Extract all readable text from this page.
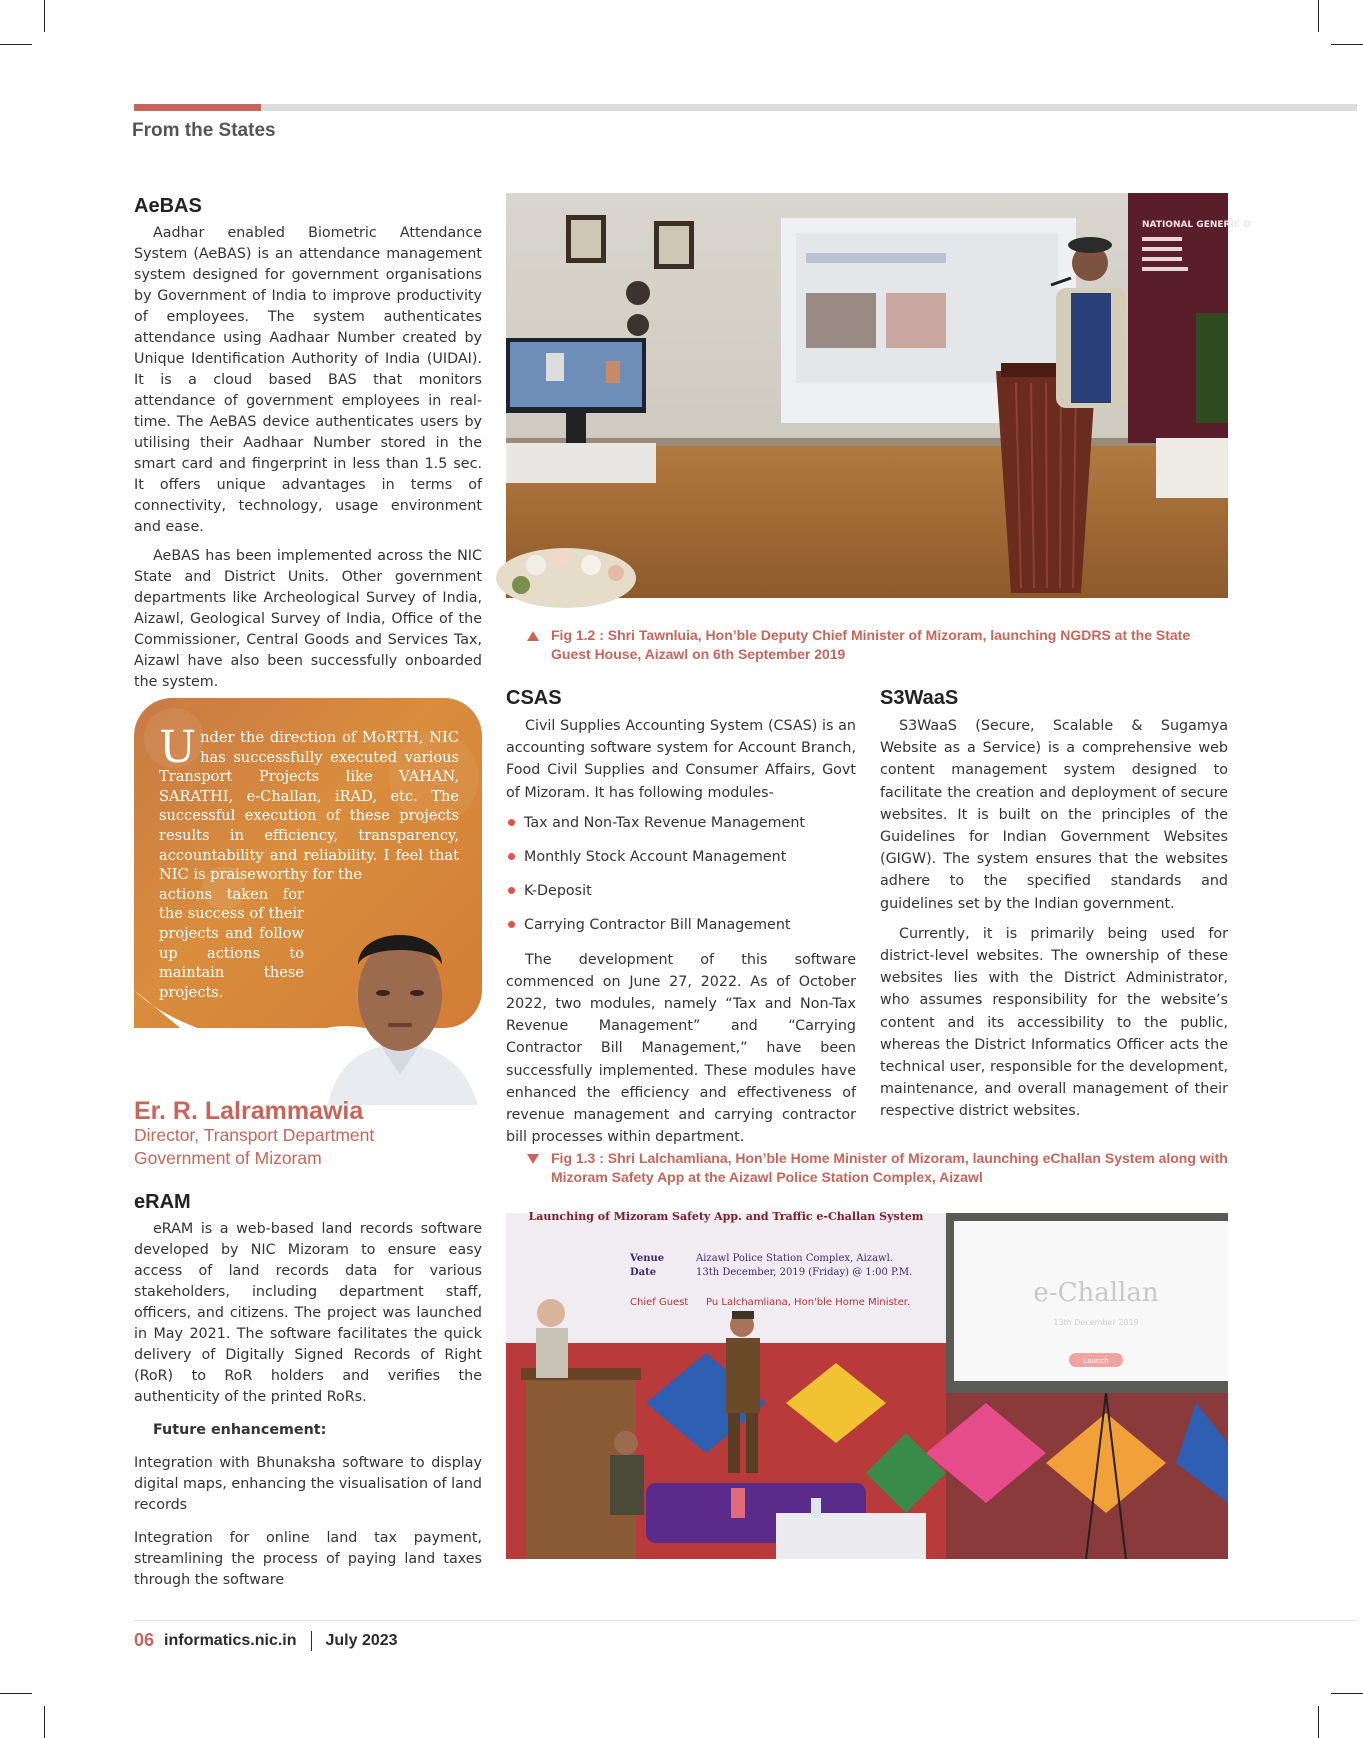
From the States
AeBAS

Aadhar enabled Biometric Attendance System (AeBAS) is an attendance management system designed for government organisations by Government of India to improve productivity of employees. The system authenticates attendance using Aadhaar Number created by Unique Identification Authority of India (UIDAI). It is a cloud based BAS that monitors attendance of government employees in real-time. The AeBAS device authenticates users by utilising their Aadhaar Number stored in the smart card and fingerprint in less than 1.5 sec. It offers unique advantages in terms of connectivity, technology, usage environment and ease.

AeBAS has been implemented across the NIC State and District Units. Other government departments like Archeological Survey of India, Aizawl, Geological Survey of India, Office of the Commissioner, Central Goods and Services Tax, Aizawl have also been successfully onboarded the system.

NATIONAL GENERIC D
Fig 1.2 : Shri Tawnluia, Hon’ble Deputy Chief Minister of Mizoram, launching NGDRS at the State Guest House, Aizawl on 6th September 2019
Under the direction of MoRTH, NIC has successfully executed various Transport Projects like VAHAN, SARATHI, e-Challan, iRAD, etc. The successful execution of these projects results in efficiency, transparency, accountability and reliability. I feel that NIC is praiseworthy for the
actions taken for the success of their projects and follow up actions to maintain these projects.
Er. R. Lalrammawia
Director, Transport Department
Government of Mizoram
CSAS

Civil Supplies Accounting System (CSAS) is an accounting software system for Account Branch, Food Civil Supplies and Consumer Affairs, Govt of Mizoram. It has following modules-

Tax and Non-Tax Revenue Management
Monthly Stock Account Management
K-Deposit
Carrying Contractor Bill Management

The development of this software commenced on June 27, 2022. As of October 2022, two modules, namely “Tax and Non-Tax Revenue Management” and “Carrying Contractor Bill Management,” have been successfully implemented. These modules have enhanced the efficiency and effectiveness of revenue management and carrying contractor bill processes within department.

S3WaaS

S3WaaS (Secure, Scalable & Sugamya Website as a Service) is a comprehensive web content management system designed to facilitate the creation and deployment of secure websites. It is built on the principles of the Guidelines for Indian Government Websites (GIGW). The system ensures that the websites adhere to the specified standards and guidelines set by the Indian government.

Currently, it is primarily being used for district-level websites. The ownership of these websites lies with the District Administrator, who assumes responsibility for the website’s content and its accessibility to the public, whereas the District Informatics Officer acts the technical user, responsible for the development, maintenance, and overall management of their respective district websites.

Fig 1.3 : Shri Lalchamliana, Hon’ble Home Minister of Mizoram, launching eChallan System along with Mizoram Safety App at the Aizawl Police Station Complex, Aizawl
Launching of Mizoram Safety App. and Traffic e-Challan System
Venue	Aizawl Police Station Complex, Aizawl.
Date	13th December, 2019 (Friday) @ 1:00 P.M.
Chief Guest Pu Lalchamliana, Hon'ble Home Minister.	e-Challan
13th December 2019
Launch
eRAM

eRAM is a web-based land records software developed by NIC Mizoram to ensure easy access of land records data for various stakeholders, including department staff, officers, and citizens. The project was launched in May 2021. The software facilitates the quick delivery of Digitally Signed Records of Right (RoR) to RoR holders and verifies the authenticity of the printed RoRs.

Future enhancement:

Integration with Bhunaksha software to display digital maps, enhancing the visualisation of land records

Integration for online land tax payment, streamlining the process of paying land taxes through the software

06 informatics.nic.in July 2023
